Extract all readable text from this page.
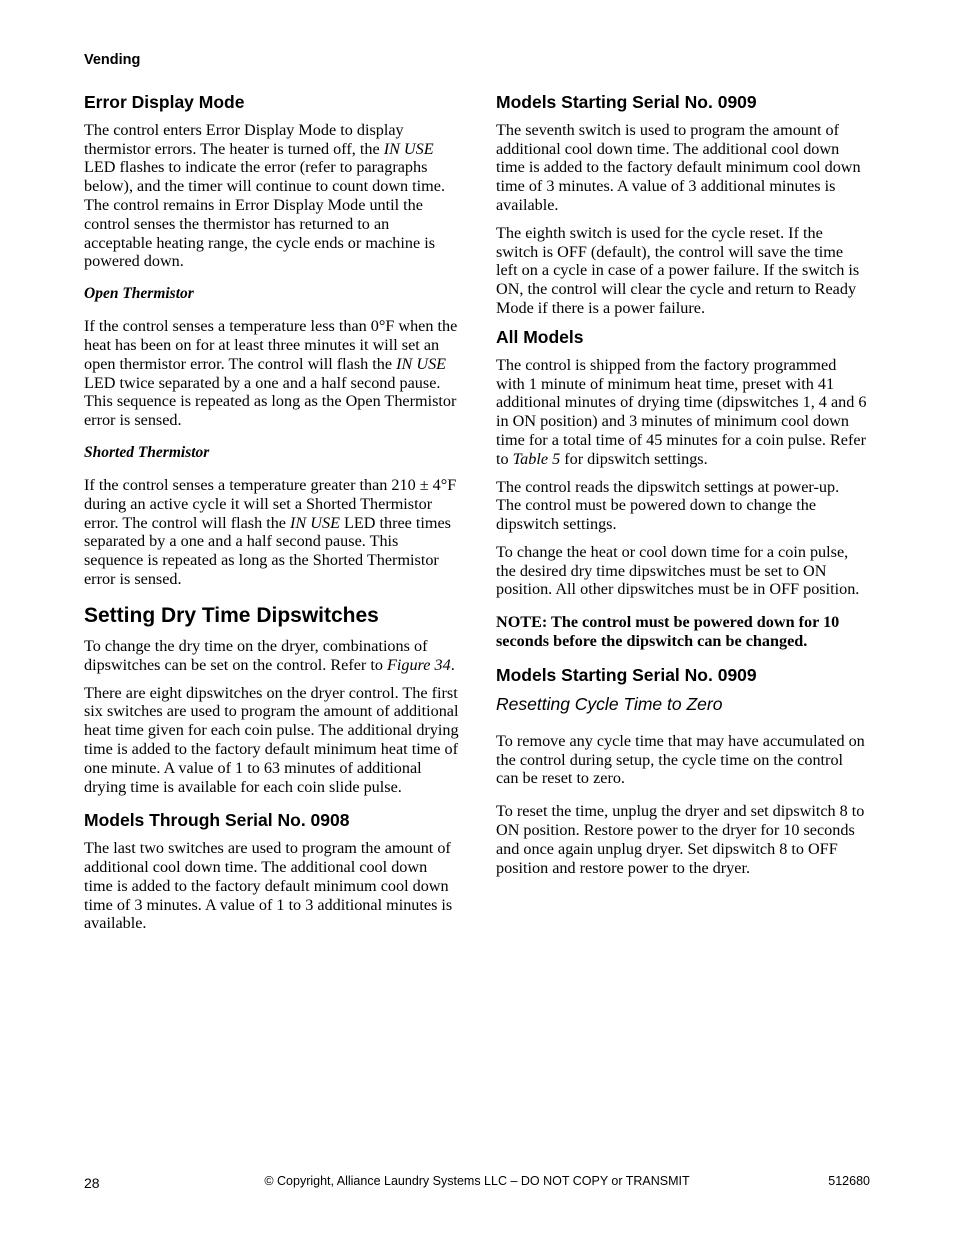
Vending
Error Display Mode

The control enters Error Display Mode to display thermistor errors. The heater is turned off, the IN USE LED flashes to indicate the error (refer to paragraphs below), and the timer will continue to count down time. The control remains in Error Display Mode until the control senses the thermistor has returned to an acceptable heating range, the cycle ends or machine is powered down.

Open Thermistor

If the control senses a temperature less than 0°F when the heat has been on for at least three minutes it will set an open thermistor error. The control will flash the IN USE LED twice separated by a one and a half second pause. This sequence is repeated as long as the Open Thermistor error is sensed.

Shorted Thermistor

If the control senses a temperature greater than 210 ± 4°F during an active cycle it will set a Shorted Thermistor error. The control will flash the IN USE LED three times separated by a one and a half second pause. This sequence is repeated as long as the Shorted Thermistor error is sensed.

Setting Dry Time Dipswitches

To change the dry time on the dryer, combinations of dipswitches can be set on the control. Refer to Figure 34.

There are eight dipswitches on the dryer control. The first six switches are used to program the amount of additional heat time given for each coin pulse. The additional drying time is added to the factory default minimum heat time of one minute. A value of 1 to 63 minutes of additional drying time is available for each coin slide pulse.

Models Through Serial No. 0908

The last two switches are used to program the amount of additional cool down time. The additional cool down time is added to the factory default minimum cool down time of 3 minutes. A value of 1 to 3 additional minutes is available.

Models Starting Serial No. 0909

The seventh switch is used to program the amount of additional cool down time. The additional cool down time is added to the factory default minimum cool down time of 3 minutes. A value of 3 additional minutes is available.

The eighth switch is used for the cycle reset. If the switch is OFF (default), the control will save the time left on a cycle in case of a power failure. If the switch is ON, the control will clear the cycle and return to Ready Mode if there is a power failure.

All Models

The control is shipped from the factory programmed with 1 minute of minimum heat time, preset with 41 additional minutes of drying time (dipswitches 1, 4 and 6 in ON position) and 3 minutes of minimum cool down time for a total time of 45 minutes for a coin pulse. Refer to Table 5 for dipswitch settings.

The control reads the dipswitch settings at power-up. The control must be powered down to change the dipswitch settings.

To change the heat or cool down time for a coin pulse, the desired dry time dipswitches must be set to ON position. All other dipswitches must be in OFF position.

NOTE: The control must be powered down for 10 seconds before the dipswitch can be changed.

Models Starting Serial No. 0909
Resetting Cycle Time to Zero

To remove any cycle time that may have accumulated on the control during setup, the cycle time on the control can be reset to zero.

To reset the time, unplug the dryer and set dipswitch 8 to ON position. Restore power to the dryer for 10 seconds and once again unplug dryer. Set dipswitch 8 to OFF position and restore power to the dryer.

28	© Copyright, Alliance Laundry Systems LLC – DO NOT COPY or TRANSMIT	512680
